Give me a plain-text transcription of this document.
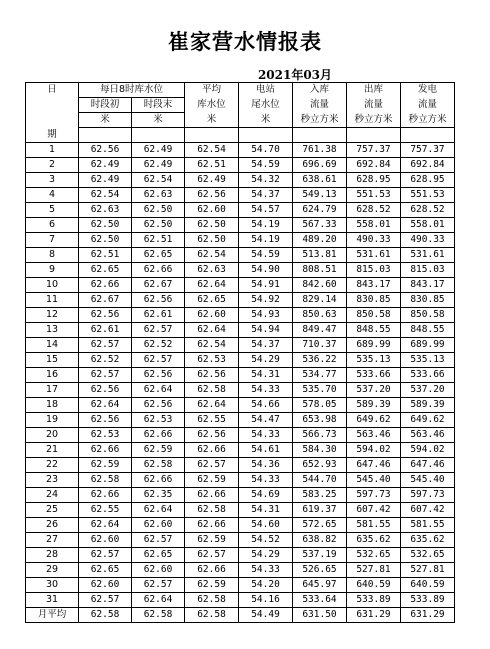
崔家营水情报表
2021年03月
日	每日8时库水位		平均	电站	入库	出库	发电
	时段初	时段末	库水位	尾水位	流量	流量	流量
	米	米	米	米	秒立方米	秒立方米	秒立方米
期							
1	62.56	62.49	62.54	54.70	761.38	757.37	757.37
2	62.49	62.49	62.51	54.59	696.69	692.84	692.84
3	62.49	62.54	62.49	54.32	638.61	628.95	628.95
4	62.54	62.63	62.56	54.37	549.13	551.53	551.53
5	62.63	62.50	62.60	54.57	624.79	628.52	628.52
6	62.50	62.50	62.50	54.19	567.33	558.01	558.01
7	62.50	62.51	62.50	54.19	489.20	490.33	490.33
8	62.51	62.65	62.54	54.59	513.81	531.61	531.61
9	62.65	62.66	62.63	54.90	808.51	815.03	815.03
10	62.66	62.67	62.64	54.91	842.60	843.17	843.17
11	62.67	62.56	62.65	54.92	829.14	830.85	830.85
12	62.56	62.61	62.60	54.93	850.63	850.58	850.58
13	62.61	62.57	62.64	54.94	849.47	848.55	848.55
14	62.57	62.52	62.54	54.37	710.37	689.99	689.99
15	62.52	62.57	62.53	54.29	536.22	535.13	535.13
16	62.57	62.56	62.56	54.31	534.77	533.66	533.66
17	62.56	62.64	62.58	54.33	535.70	537.20	537.20
18	62.64	62.56	62.64	54.66	578.05	589.39	589.39
19	62.56	62.53	62.55	54.47	653.98	649.62	649.62
20	62.53	62.66	62.56	54.33	566.73	563.46	563.46
21	62.66	62.59	62.66	54.61	584.30	594.02	594.02
22	62.59	62.58	62.57	54.36	652.93	647.46	647.46
23	62.58	62.66	62.59	54.33	544.70	545.40	545.40
24	62.66	62.35	62.66	54.69	583.25	597.73	597.73
25	62.55	62.64	62.58	54.31	619.37	607.42	607.42
26	62.64	62.60	62.66	54.60	572.65	581.55	581.55
27	62.60	62.57	62.59	54.52	638.82	635.62	635.62
28	62.57	62.65	62.57	54.29	537.19	532.65	532.65
29	62.65	62.60	62.66	54.33	526.65	527.81	527.81
30	62.60	62.57	62.59	54.20	645.97	640.59	640.59
31	62.57	62.64	62.58	54.16	533.64	533.89	533.89
月平均	62.58	62.58	62.58	54.49	631.50	631.29	631.29
